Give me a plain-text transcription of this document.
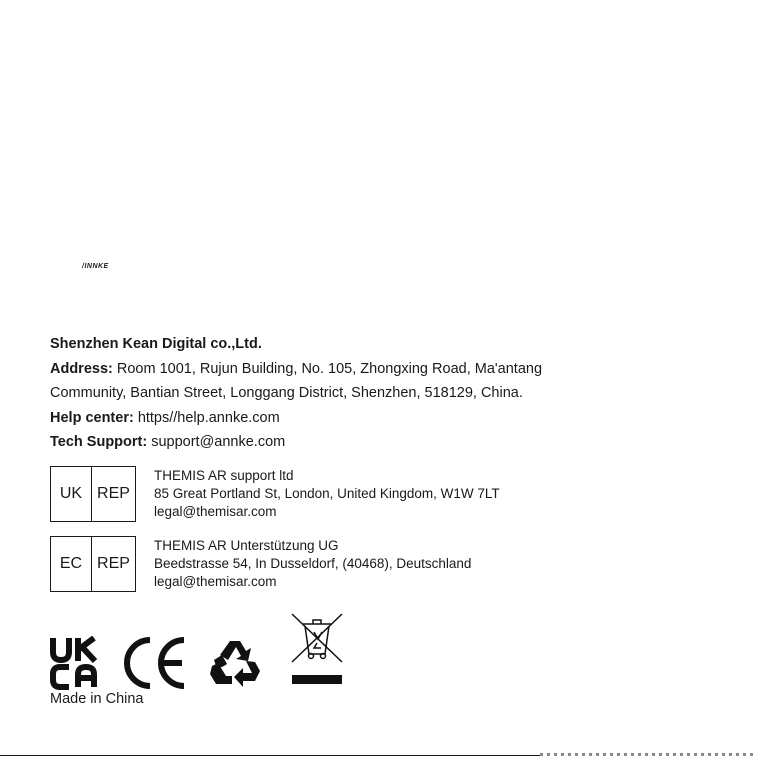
/INNKE
Shenzhen Kean Digital co.,Ltd.
Address: Room 1001, Rujun Building, No. 105, Zhongxing Road, Ma'antang
Community, Bantian Street, Longgang District, Shenzhen, 518129, China.
Help center: https//help.annke.com
Tech Support: support@annke.com
UK REP
THEMIS AR support ltd
85 Great Portland St, London, United Kingdom, W1W 7LT
legal@themisar.com
EC REP
THEMIS AR Unterstützung UG
Beedstrasse 54, In Dusseldorf, (40468), Deutschland
legal@themisar.com
Made in China
